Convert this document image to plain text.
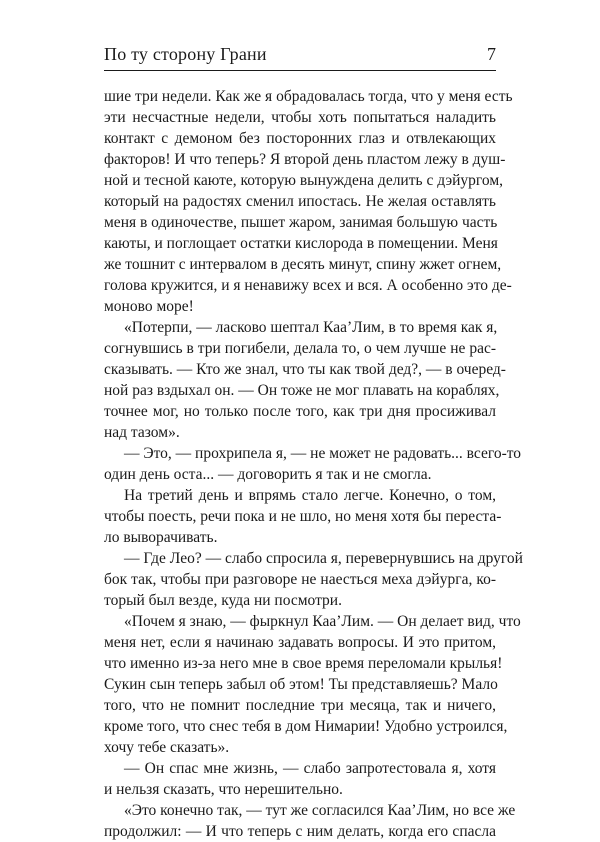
По ту сторону Грани	7
шие три недели. Как же я обрадовалась тогда, что у меня есть
эти несчастные недели, чтобы хоть попытаться наладить
контакт с демоном без посторонних глаз и отвлекающих
факторов! И что теперь? Я второй день пластом лежу в душ-
ной и тесной каюте, которую вынуждена делить с дэйургом,
который на радостях сменил ипостась. Не желая оставлять
меня в одиночестве, пышет жаром, занимая большую часть
каюты, и поглощает остатки кислорода в помещении. Меня
же тошнит с интервалом в десять минут, спину жжет огнем,
голова кружится, и я ненавижу всех и вся. А особенно это де-
моново море!
«Потерпи, — ласково шептал Каа’Лим, в то время как я,
согнувшись в три погибели, делала то, о чем лучше не рас-
сказывать. — Кто же знал, что ты как твой дед?, — в очеред-
ной раз вздыхал он. — Он тоже не мог плавать на кораблях,
точнее мог, но только после того, как три дня просиживал
над тазом».
— Это, — прохрипела я, — не может не радовать... всего-то
один день оста... — договорить я так и не смогла.
На третий день и впрямь стало легче. Конечно, о том,
чтобы поесть, речи пока и не шло, но меня хотя бы переста-
ло выворачивать.
— Где Лео? — слабо спросила я, перевернувшись на другой
бок так, чтобы при разговоре не наесться меха дэйурга, ко-
торый был везде, куда ни посмотри.
«Почем я знаю, — фыркнул Каа’Лим. — Он делает вид, что
меня нет, если я начинаю задавать вопросы. И это притом,
что именно из-за него мне в свое время переломали крылья!
Сукин сын теперь забыл об этом! Ты представляешь? Мало
того, что не помнит последние три месяца, так и ничего,
кроме того, что снес тебя в дом Нимарии! Удобно устроился,
хочу тебе сказать».
— Он спас мне жизнь, — слабо запротестовала я, хотя
и нельзя сказать, что нерешительно.
«Это конечно так, — тут же согласился Каа’Лим, но все же
продолжил: — И что теперь с ним делать, когда его спасла
